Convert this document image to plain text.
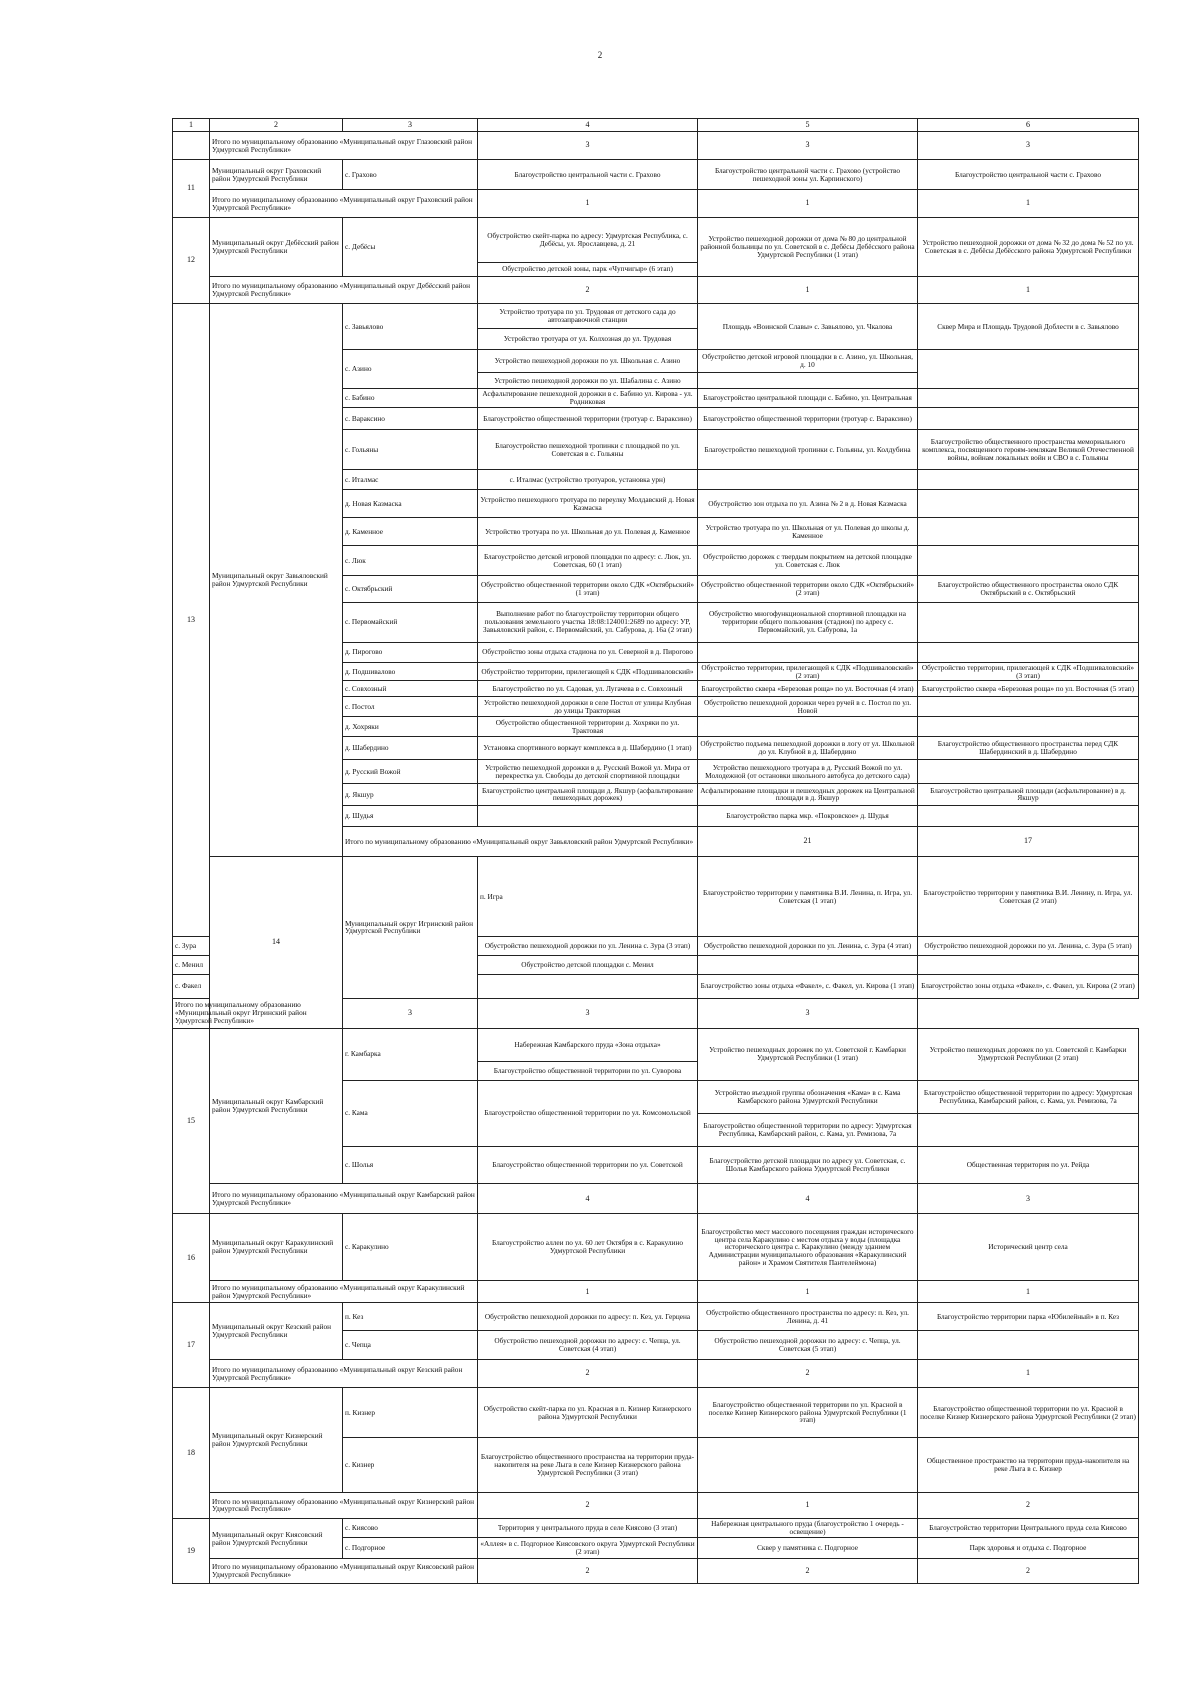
2
1	2	3	4	5	6	
	Итого по муниципальному образованию «Муниципальный округ Глазовский район Удмуртской Республики»		3	3	3	
11	Муниципальный округ Граховский район Удмуртской Республики	с. Грахово	Благоустройство центральной части с. Грахово	Благоустройство центральной части с. Грахово (устройство пешеходной зоны ул. Карпинского)	Благоустройство центральной части с. Грахово	
	Итого по муниципальному образованию «Муниципальный округ Граховский район Удмуртской Республики»		1	1	1	
12	Муниципальный округ Дебёсский район Удмуртской Республики	с. Дебёсы	Обустройство скейт-парка по адресу: Удмуртская Республика, с. Дебёсы, ул. Ярославцева, д. 21	Устройство пешеходной дорожки от дома № 80 до центральной районной больницы по ул. Советской в с. Дебёсы Дебёсского района Удмуртской Республики (1 этап)	Устройство пешеходной дорожки от дома № 32 до дома № 52 по ул. Советская в с. Дебёсы Дебёсского района Удмуртской Республики	
			Обустройство детской зоны, парк «Чупчигыр» (6 этап)			
	Итого по муниципальному образованию «Муниципальный округ Дебёсский район Удмуртской Республики»		2	1	1	
13	Муниципальный округ Завьяловский район Удмуртской Республики	с. Завьялово	Устройство тротуара по ул. Трудовая от детского сада до автозаправочной станции	Площадь «Воинской Славы» с. Завьялово, ул. Чкалова	Сквер Мира и Площадь Трудовой Доблести в с. Завьялово	
			Устройство тротуара от ул. Колхозная до ул. Трудовая			
		с. Азино	Устройство пешеходной дорожки по ул. Школьная с. Азино	Обустройство детской игровой площадки в с. Азино, ул. Школьная, д. 10		
			Устройство пешеходной дорожки по ул. Шабалина с. Азино			
		с. Бабино	Асфальтирование пешеходной дорожки в с. Бабино ул. Кирова - ул. Родниковая	Благоустройство центральной площади с. Бабино, ул. Центральная		
		с. Вараксино	Благоустройство общественной территории (тротуар с. Вараксино)	Благоустройство общественной территории (тротуар с. Вараксино)		
		с. Гольяны	Благоустройство пешеходной тропинки с площадкой по ул. Советская в с. Гольяны	Благоустройство пешеходной тропинки с. Гольяны, ул. Колдубина	Благоустройство общественного пространства мемориального комплекса, посвященного героям-землякам Великой Отечественной войны, войнам локальных войн и СВО в с. Гольяны	
		с. Италмас	с. Италмас (устройство тротуаров, установка урн)			
		д. Новая Казмаска	Устройство пешеходного тротуара по переулку Молдавский д. Новая Казмаска	Обустройство зон отдыха по ул. Азина № 2 в д. Новая Казмаска		
		д. Каменное	Устройство тротуара по ул. Школьная до ул. Полевая д. Каменное	Устройство тротуара по ул. Школьная от ул. Полевая до школы д. Каменное		
		с. Люк	Благоустройство детской игровой площадки по адресу: с. Люк, ул. Советская, 60 (1 этап)	Обустройство дорожек с твердым покрытием на детской площадке ул. Советская с. Люк		
		с. Октябрьский	Обустройство общественной территории около СДК «Октябрьский» (1 этап)	Обустройство общественной территории около СДК «Октябрьский» (2 этап)	Благоустройство общественного пространства около СДК Октябрьский в с. Октябрьский	
		с. Первомайский	Выполнение работ по благоустройству территории общего пользования земельного участка 18:08:124001:2689 по адресу: УР, Завьяловский район, с. Первомайский, ул. Сабурова, д. 16а (2 этап)	Обустройство многофункциональной спортивной площадки на территории общего пользования (стадион) по адресу с. Первомайский, ул. Сабурова, 1а		
		д. Пирогово	Обустройство зоны отдыха стадиона по ул. Северной в д. Пирогово			
		д. Подшивалово	Обустройство территории, прилегающей к СДК «Подшиваловский»	Обустройство территории, прилегающей к СДК «Подшиваловский» (2 этап)	Обустройство территории, прилегающей к СДК «Подшиваловский» (3 этап)	
		с. Совхозный	Благоустройство по ул. Садовая, ул. Лугачева в с. Совхозный	Благоустройство сквера «Березовая роща» по ул. Восточная (4 этап)	Благоустройство сквера «Березовая роща» по ул. Восточная (5 этап)	
		с. Постол	Устройство пешеходной дорожки в селе Постол от улицы Клубная до улицы Тракторная	Обустройство пешеходной дорожки через ручей в с. Постол по ул. Новой		
		д. Хохряки	Обустройство общественной территории д. Хохряки по ул. Трактовая			
		д. Шабердино	Установка спортивного воркаут комплекса в д. Шабердино (1 этап)	Обустройство подъема пешеходной дорожки в логу от ул. Школьной до ул. Клубной в д. Шабердино	Благоустройство общественного пространства перед СДК Шабердинский в д. Шабердино	
		д. Русский Вожой	Устройство пешеходной дорожки в д. Русский Вожой ул. Мира от перекрестка ул. Свободы до детской спортивной площадки	Устройство пешеходного тротуара в д. Русский Вожой по ул. Молодежной (от остановки школьного автобуса до детского сада)		
		д. Якшур	Благоустройство центральной площади д. Якшур (асфальтирование пешеходных дорожек)	Асфальтирование площадки и пешеходных дорожек на Центральной площади в д. Якшур	Благоустройство центральной площади (асфальтирование) в д. Якшур	
		д. Шудья		Благоустройство парка мкр. «Покровское» д. Шудья		
		Итого по муниципальному образованию «Муниципальный округ Завьяловский район Удмуртской Республики»		21	17	
	14	Муниципальный округ Игринский район Удмуртской Республики	п. Игра	Благоустройство территории у памятника В.И. Ленина, п. Игра, ул. Советская (1 этап)	Благоустройство территории у памятника В.И. Ленину, п. Игра, ул. Советская (2 этап)	
с. Зура			Обустройство пешеходной дорожки по ул. Ленина с. Зура (3 этап)	Обустройство пешеходной дорожки по ул. Ленина, с. Зура (4 этап)	Обустройство пешеходной дорожки по ул. Ленина, с. Зура (5 этап)	
с. Менил			Обустройство детской площадки с. Менил			
с. Факел				Благоустройство зоны отдыха «Факел», с. Факел, ул. Кирова (1 этап)	Благоустройство зоны отдыха «Факел», с. Факел, ул. Кирова (2 этап)	
Итого по муниципальному образованию «Муниципальный округ Игринский район Удмуртской Республики»		3	3	3		
15	Муниципальный округ Камбарский район Удмуртской Республики	г. Камбарка	Набережная Камбарского пруда «Зона отдыха»	Устройство пешеходных дорожек по ул. Советской г. Камбарки Удмуртской Республики (1 этап)	Устройство пешеходных дорожек по ул. Советской г. Камбарки Удмуртской Республики (2 этап)	
			Благоустройство общественной территории по ул. Суворова			
		с. Кама	Благоустройство общественной территории по ул. Комсомольской	Устройство въездной группы обозначения «Кама» в с. Кама Камбарского района Удмуртской Республики	Благоустройство общественной территории по адресу: Удмуртская Республика, Камбарский район, с. Кама, ул. Ремизова, 7а	
				Благоустройство общественной территории по адресу: Удмуртская Республика, Камбарский район, с. Кама, ул. Ремизова, 7а		
		с. Шолья	Благоустройство общественной территории по ул. Советской	Благоустройство детской площадки по адресу ул. Советская, с. Шолья Камбарского района Удмуртской Республики	Общественная территория по ул. Рейда	
	Итого по муниципальному образованию «Муниципальный округ Камбарский район Удмуртской Республики»		4	4	3	
16	Муниципальный округ Каракулинский район Удмуртской Республики	с. Каракулино	Благоустройство аллеи по ул. 60 лет Октября в с. Каракулино Удмуртской Республики	Благоустройство мест массового посещения граждан исторического центра села Каракулино с местом отдыха у воды (площадка исторического центра с. Каракулино (между зданием Администрации муниципального образования «Каракулинский район» и Храмом Святителя Пантелеймона)	Исторический центр села	
	Итого по муниципальному образованию «Муниципальный округ Каракулинский район Удмуртской Республики»		1	1	1	
17	Муниципальный округ Кезский район Удмуртской Республики	п. Кез	Обустройство пешеходной дорожки по адресу: п. Кез, ул. Герцена	Обустройство общественного пространства по адресу: п. Кез, ул. Ленина, д. 41	Благоустройство территории парка «Юбилейный» в п. Кез	
		с. Чепца	Обустройство пешеходной дорожки по адресу: с. Чепца, ул. Советская (4 этап)	Обустройство пешеходной дорожки по адресу: с. Чепца, ул. Советская (5 этап)		
	Итого по муниципальному образованию «Муниципальный округ Кезский район Удмуртской Республики»		2	2	1	
18	Муниципальный округ Кизнерский район Удмуртской Республики	п. Кизнер	Обустройство скейт-парка по ул. Красная в п. Кизнер Кизнерского района Удмуртской Республики	Благоустройство общественной территории по ул. Красной в поселке Кизнер Кизнерского района Удмуртской Республики (1 этап)	Благоустройство общественной территории по ул. Красной в поселке Кизнер Кизнерского района Удмуртской Республики (2 этап)	
		с. Кизнер	Благоустройство общественного пространства на территории пруда-накопителя на реке Лыга в селе Кизнер Кизнерского района Удмуртской Республики (3 этап)		Общественное пространство на территории пруда-накопителя на реке Лыга в с. Кизнер	
	Итого по муниципальному образованию «Муниципальный округ Кизнерский район Удмуртской Республики»		2	1	2	
19	Муниципальный округ Киясовский район Удмуртской Республики	с. Киясово	Территория у центрального пруда в селе Киясово (3 этап)	Набережная центрального пруда (благоустройство 1 очередь - освещение)	Благоустройство территории Центрального пруда села Киясово	
		с. Подгорное	«Аллея» в с. Подгорное Киясовского округа Удмуртской Республики (2 этап)	Сквер у памятника с. Подгорное	Парк здоровья и отдыха с. Подгорное	
	Итого по муниципальному образованию «Муниципальный округ Киясовский район Удмуртской Республики»		2	2	2	
